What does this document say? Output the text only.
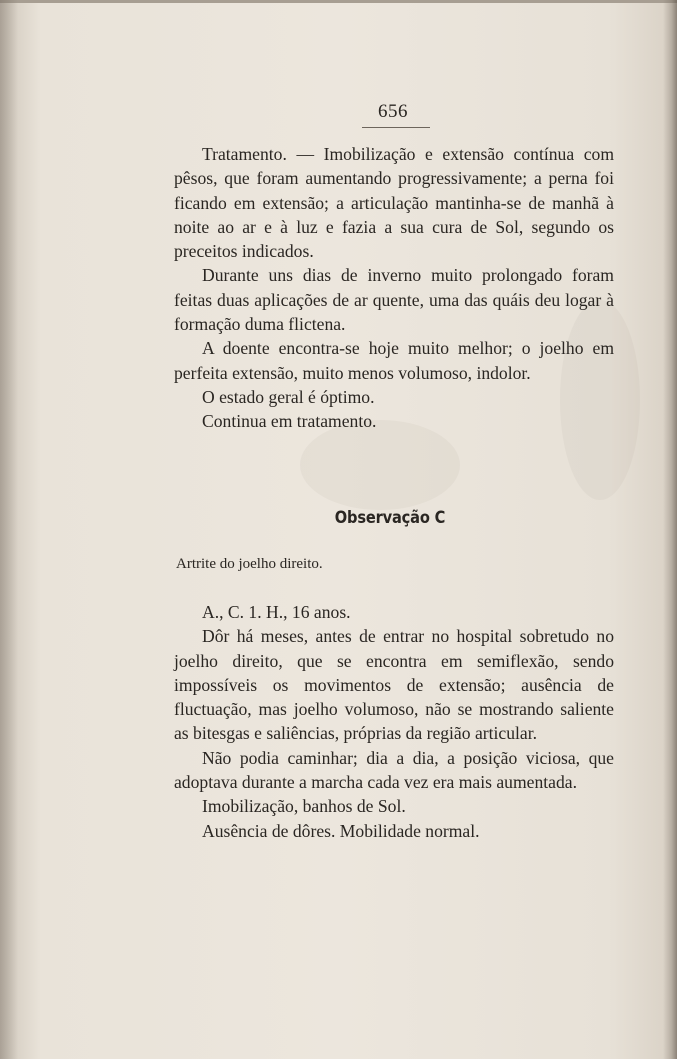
656

Tratamento. — Imobilização e extensão contínua com pêsos, que foram aumentando progressivamente; a perna foi ficando em extensão; a articulação mantinha-se de manhã à noite ao ar e à luz e fazia a sua cura de Sol, segundo os preceitos indicados.

Durante uns dias de inverno muito prolongado foram feitas duas aplicações de ar quente, uma das quáis deu logar à formação duma flictena.

A doente encontra-se hoje muito melhor; o joelho em perfeita extensão, muito menos volumoso, indolor.

O estado geral é óptimo.

Continua em tratamento.

Observação C
Artrite do joelho direito.

A., C. 1. H., 16 anos.

Dôr há meses, antes de entrar no hospital sobretudo no joelho direito, que se encontra em semiflexão, sendo impossíveis os movimentos de extensão; ausência de fluctuação, mas joelho volumoso, não se mostrando saliente as bitesgas e saliências, próprias da região articular.

Não podia caminhar; dia a dia, a posição viciosa, que adoptava durante a marcha cada vez era mais aumentada.

Imobilização, banhos de Sol.

Ausência de dôres. Mobilidade normal.
